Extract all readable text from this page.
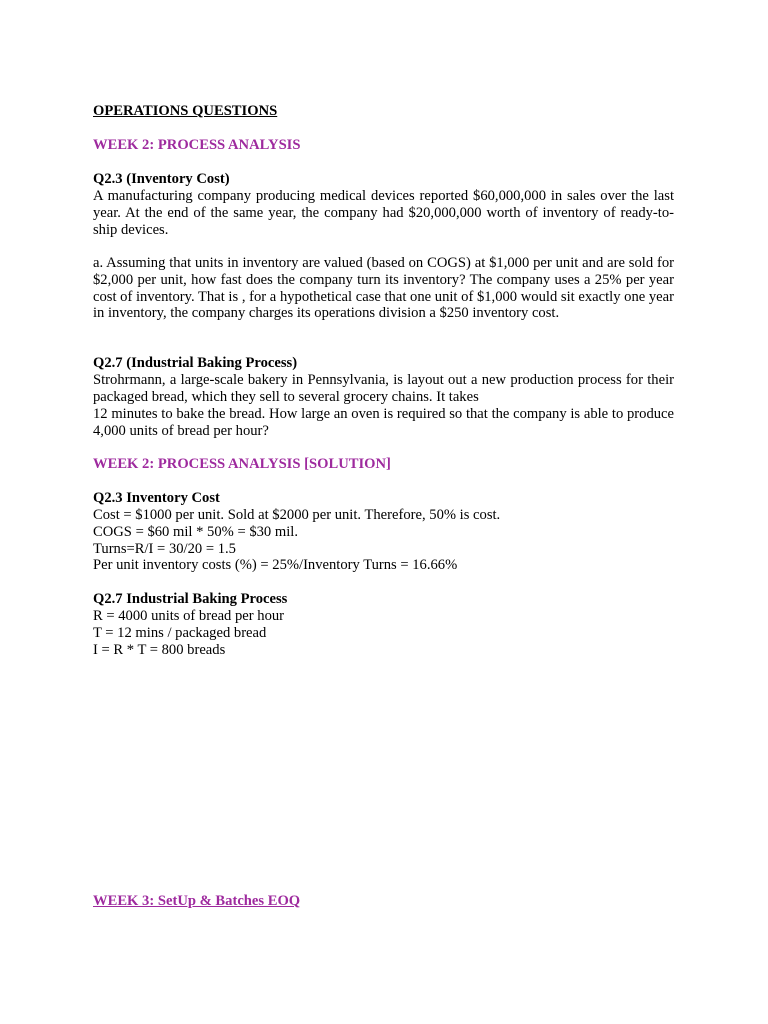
OPERATIONS QUESTIONS
WEEK 2: PROCESS ANALYSIS
Q2.3 (Inventory Cost)

A manufacturing company producing medical devices reported $60,000,000 in sales over the last year. At the end of the same year, the company had $20,000,000 worth of inventory of ready-to-ship devices.

a. Assuming that units in inventory are valued (based on COGS) at $1,000 per unit and are sold for $2,000 per unit, how fast does the company turn its inventory? The company uses a 25% per year cost of inventory. That is , for a hypothetical case that one unit of $1,000 would sit exactly one year in inventory, the company charges its operations division a $250 inventory cost.

Q2.7 (Industrial Baking Process)

Strohrmann, a large-scale bakery in Pennsylvania, is layout out a new production process for their packaged bread, which they sell to several grocery chains. It takes

12 minutes to bake the bread. How large an oven is required so that the company is able to produce 4,000 units of bread per hour?

WEEK 2: PROCESS ANALYSIS [SOLUTION]
Q2.3 Inventory Cost
Cost = $1000 per unit. Sold at $2000 per unit. Therefore, 50% is cost.
COGS = $60 mil * 50% = $30 mil.
Turns=R/I = 30/20 = 1.5
Per unit inventory costs (%) = 25%/Inventory Turns = 16.66%
Q2.7 Industrial Baking Process
R = 4000 units of bread per hour
T = 12 mins / packaged bread
I = R * T = 800 breads
WEEK 3: SetUp & Batches EOQ
